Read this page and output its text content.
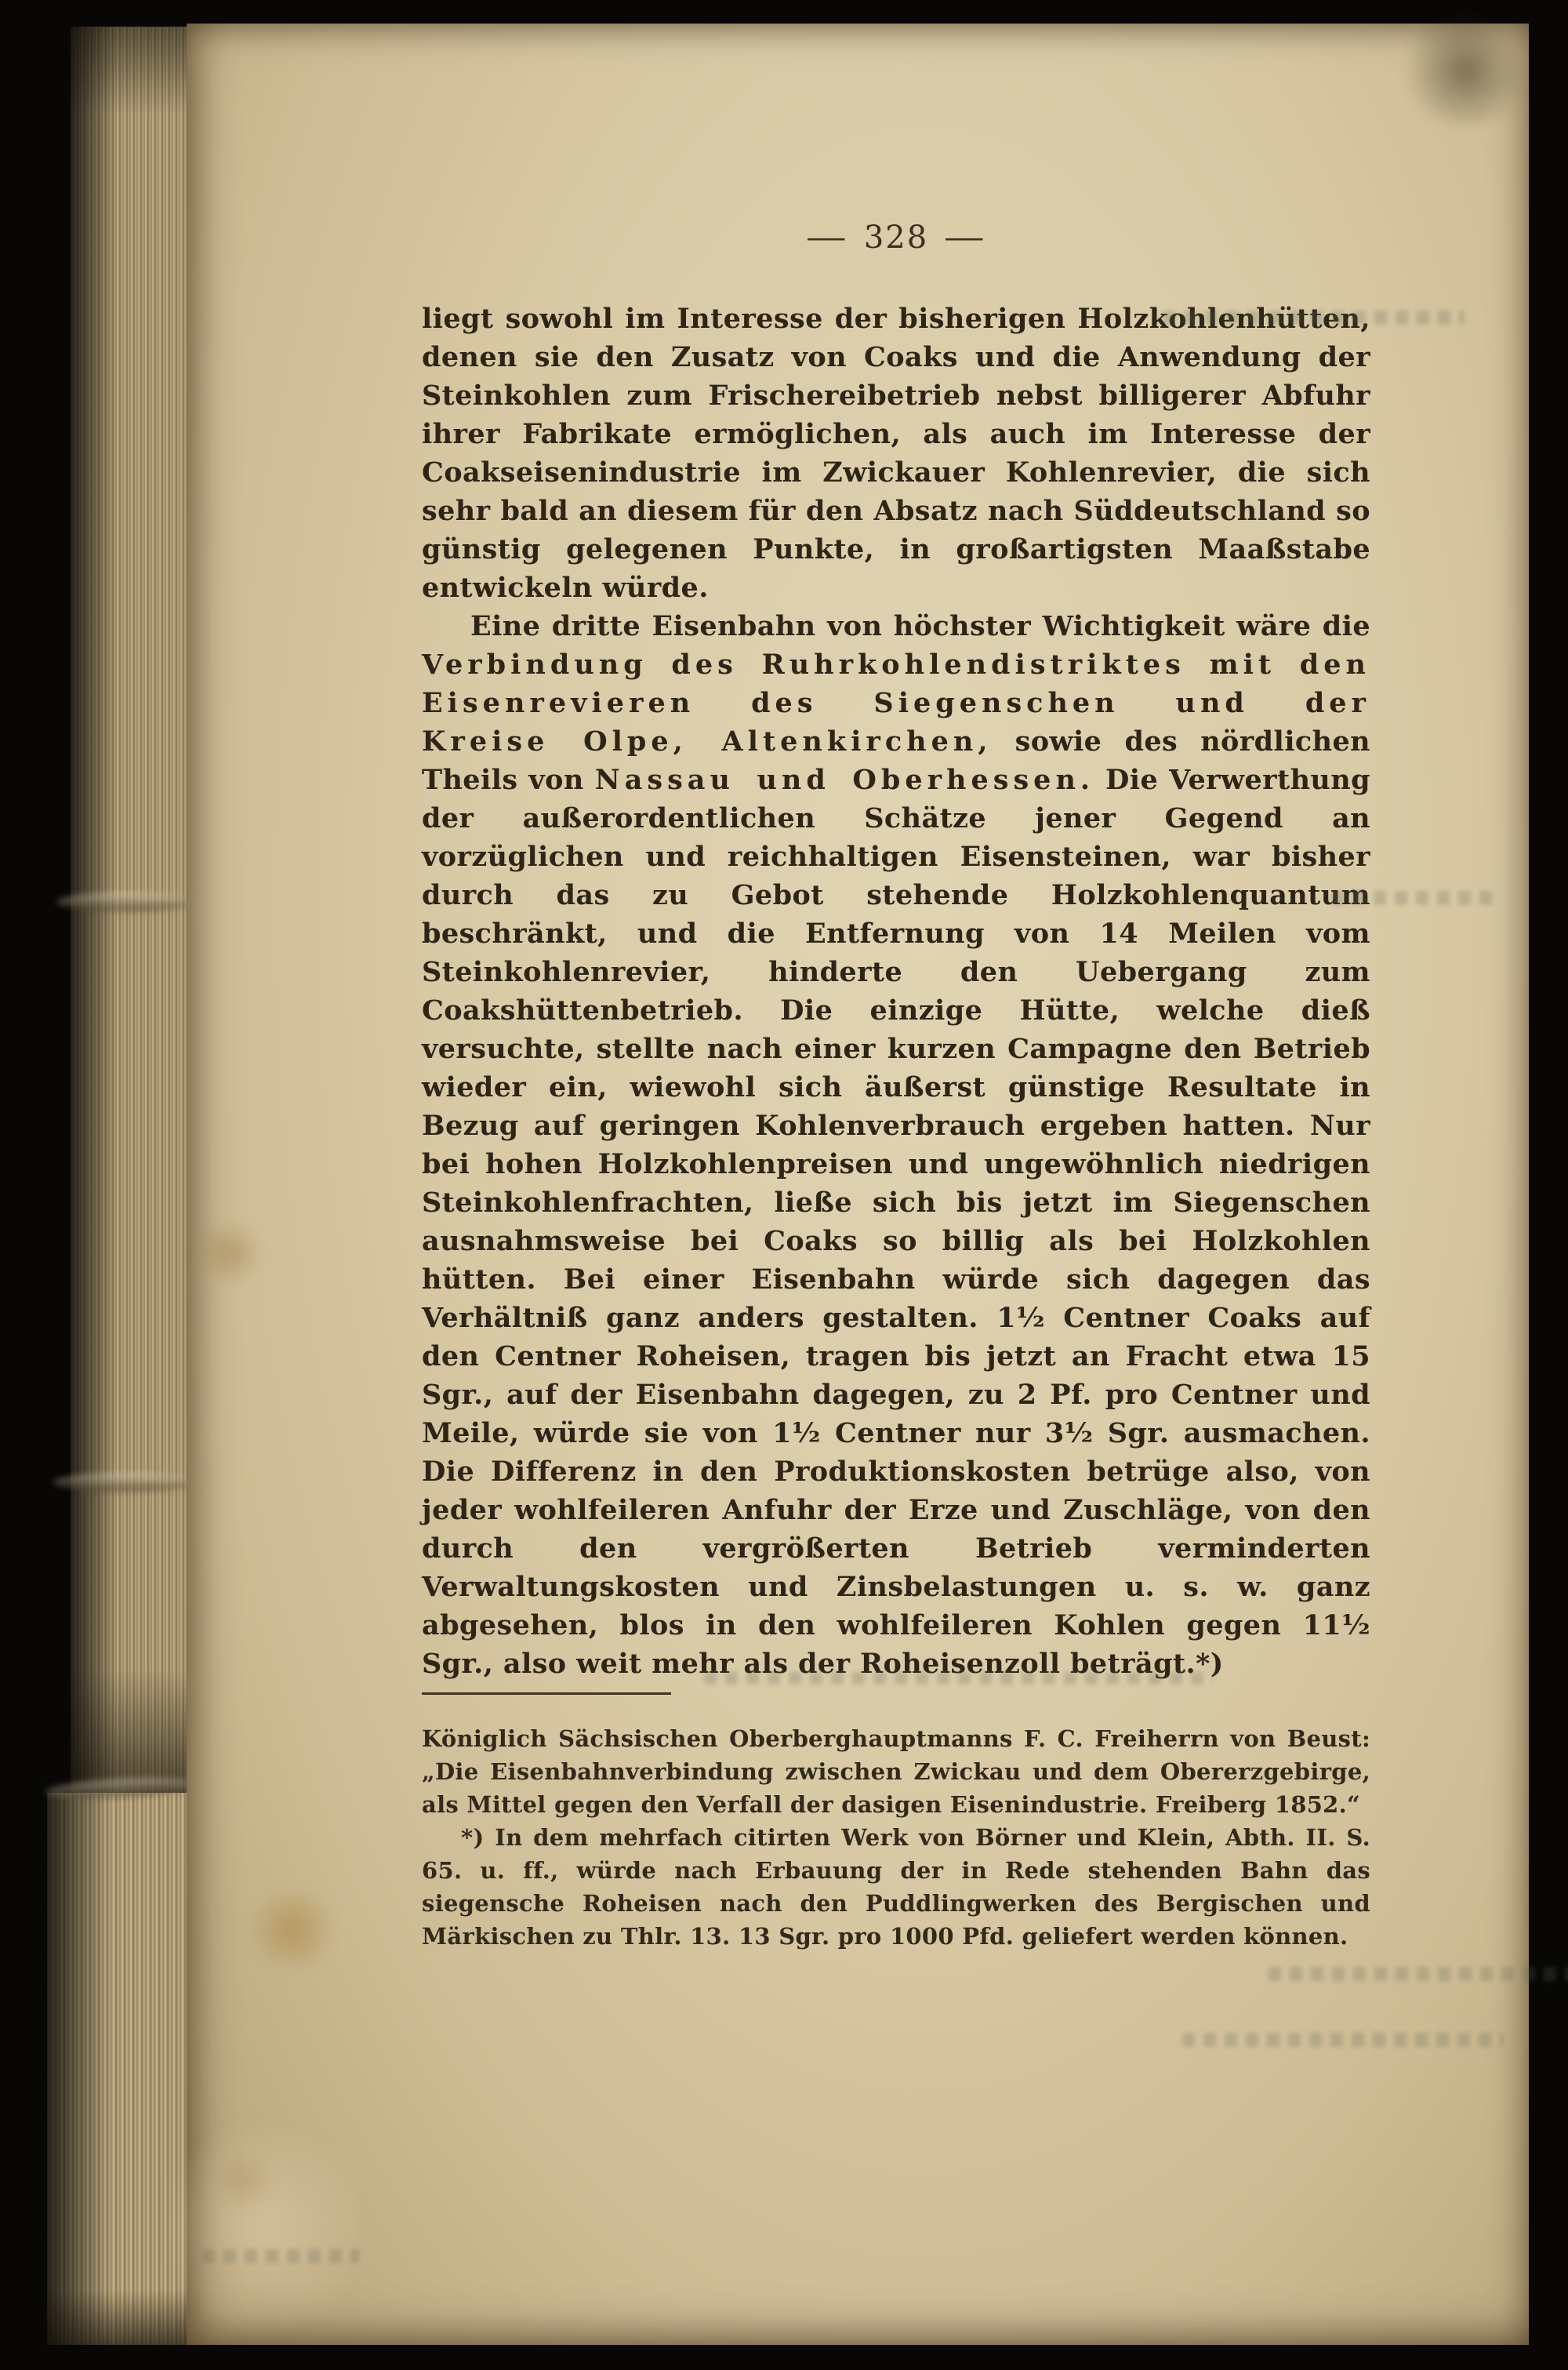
— 328 —

liegt sowohl im Interesse der bisherigen Holzkohlenhütten, denen sie den Zusatz von Coaks und die Anwendung der Steinkohlen zum Frischereibetrieb nebst billigerer Abfuhr ihrer Fabrikate ermöglichen, als auch im Interesse der Coakseisenindustrie im Zwickauer Kohlenrevier, die sich sehr bald an diesem für den Absatz nach Süddeutschland so günstig gelegenen Punkte, in großartigsten Maaßstabe entwickeln würde.

Eine dritte Eisenbahn von höchster Wichtigkeit wäre die Verbindung des Ruhrkohlendistriktes mit den Eisenrevieren des Siegenschen und der Kreise Olpe, Altenkirchen, sowie des nördlichen Theils von Nassau und Oberhessen. Die Verwerthung der außerordentlichen Schätze jener Gegend an vorzüglichen und reichhaltigen Eisensteinen, war bisher durch das zu Gebot stehende Holzkohlenquantum beschränkt, und die Entfernung von 14 Meilen vom Steinkohlenrevier, hinderte den Uebergang zum Coakshüttenbetrieb. Die einzige Hütte, welche dieß versuchte, stellte nach einer kurzen Campagne den Betrieb wieder ein, wiewohl sich äußerst günstige Resultate in Bezug auf geringen Kohlenverbrauch ergeben hatten. Nur bei hohen Holzkohlenpreisen und ungewöhnlich niedrigen Steinkohlenfrachten, ließe sich bis jetzt im Siegenschen ausnahmsweise bei Coaks so billig als bei Holzkohlen hütten. Bei einer Eisenbahn würde sich dagegen das Verhältniß ganz anders gestalten. 1½ Centner Coaks auf den Centner Roheisen, tragen bis jetzt an Fracht etwa 15 Sgr., auf der Eisenbahn dagegen, zu 2 Pf. pro Centner und Meile, würde sie von 1½ Centner nur 3½ Sgr. ausmachen. Die Differenz in den Produktionskosten betrüge also, von jeder wohlfeileren Anfuhr der Erze und Zuschläge, von den durch den vergrößerten Betrieb verminderten Verwaltungskosten und Zinsbelastungen u. s. w. ganz abgesehen, blos in den wohlfeileren Kohlen gegen 11½ Sgr., also weit mehr als der Roheisenzoll beträgt.*)

Königlich Sächsischen Oberberghauptmanns F. C. Freiherrn von Beust: „Die Eisenbahnverbindung zwischen Zwickau und dem Obererzgebirge, als Mittel gegen den Verfall der dasigen Eisenindustrie. Freiberg 1852.“

*) In dem mehrfach citirten Werk von Börner und Klein, Abth. II. S. 65. u. ff., würde nach Erbauung der in Rede stehenden Bahn das siegensche Roheisen nach den Puddlingwerken des Bergischen und Märkischen zu Thlr. 13. 13 Sgr. pro 1000 Pfd. geliefert werden können.
